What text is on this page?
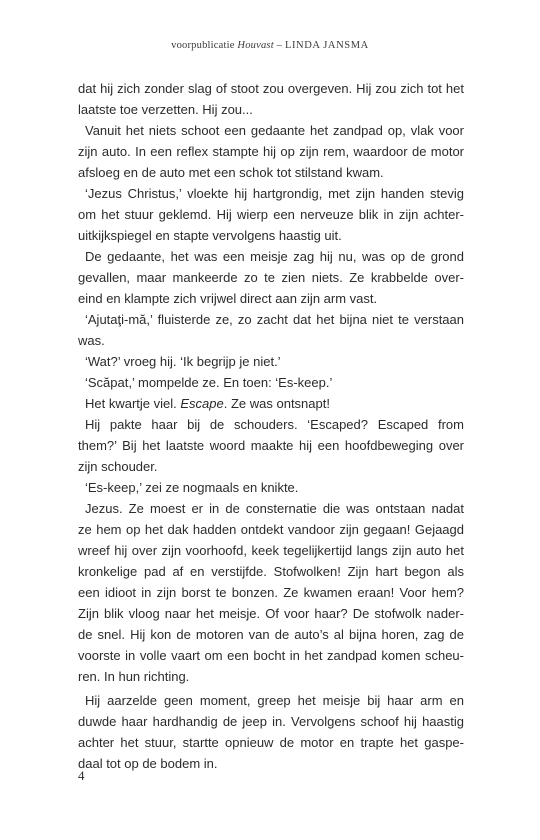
voorpublicatie Houvast – LINDA JANSMA
dat hij zich zonder slag of stoot zou overgeven. Hij zou zich tot het
laatste toe verzetten. Hij zou...
Vanuit het niets schoot een gedaante het zandpad op, vlak voor
zijn auto. In een reflex stampte hij op zijn rem, waardoor de motor
afsloeg en de auto met een schok tot stilstand kwam.
‘Jezus Christus,’ vloekte hij hartgrondig, met zijn handen stevig
om het stuur geklemd. Hij wierp een nerveuze blik in zijn achter-
uitkijkspiegel en stapte vervolgens haastig uit.
De gedaante, het was een meisje zag hij nu, was op de grond
gevallen, maar mankeerde zo te zien niets. Ze krabbelde over-
eind en klampte zich vrijwel direct aan zijn arm vast.
‘Ajutaţi-mă,’ fluisterde ze, zo zacht dat het bijna niet te verstaan
was.
‘Wat?’ vroeg hij. ‘Ik begrijp je niet.’
‘Scăpat,’ mompelde ze. En toen: ‘Es-keep.’
Het kwartje viel. Escape. Ze was ontsnapt!
Hij pakte haar bij de schouders. ‘Escaped? Escaped from
them?’ Bij het laatste woord maakte hij een hoofdbeweging over
zijn schouder.
‘Es-keep,’ zei ze nogmaals en knikte.
Jezus. Ze moest er in de consternatie die was ontstaan nadat
ze hem op het dak hadden ontdekt vandoor zijn gegaan! Gejaagd
wreef hij over zijn voorhoofd, keek tegelijkertijd langs zijn auto het
kronkelige pad af en verstijfde. Stofwolken! Zijn hart begon als
een idioot in zijn borst te bonzen. Ze kwamen eraan! Voor hem?
Zijn blik vloog naar het meisje. Of voor haar? De stofwolk nader-
de snel. Hij kon de motoren van de auto’s al bijna horen, zag de
voorste in volle vaart om een bocht in het zandpad komen scheu-
ren. In hun richting.
Hij aarzelde geen moment, greep het meisje bij haar arm en
duwde haar hardhandig de jeep in. Vervolgens schoof hij haastig
achter het stuur, startte opnieuw de motor en trapte het gaspe-
daal tot op de bodem in.
4
